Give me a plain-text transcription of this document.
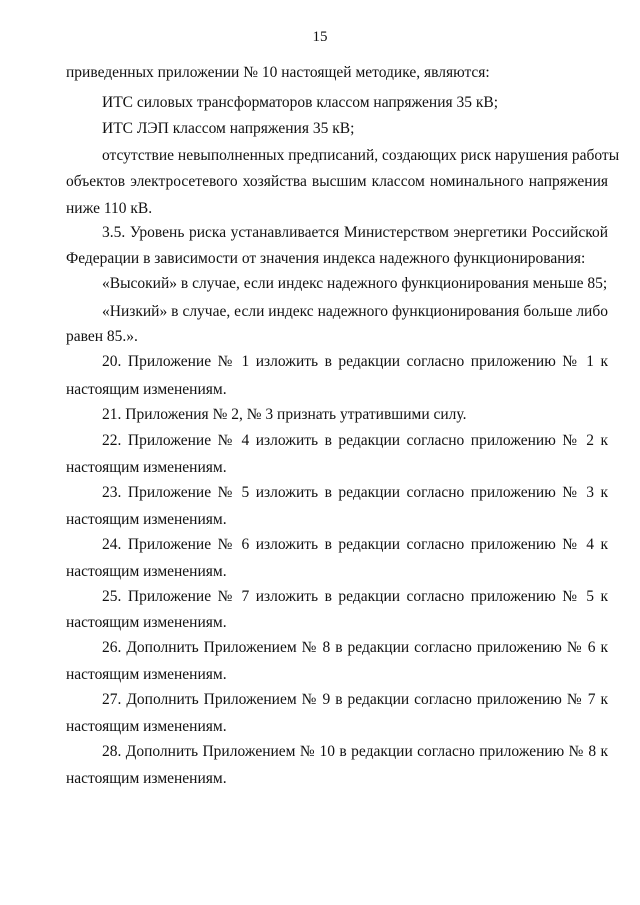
15
приведенных приложении № 10 настоящей методике, являются:
ИТС силовых трансформаторов классом напряжения 35 кВ;
ИТС ЛЭП классом напряжения 35 кВ;
отсутствие невыполненных предписаний, создающих риск нарушения работы
объектов электросетевого хозяйства высшим классом номинального напряжения
ниже 110 кВ.
3.5. Уровень риска устанавливается Министерством энергетики Российской
Федерации в зависимости от значения индекса надежного функционирования:
«Высокий» в случае, если индекс надежного функционирования меньше 85;
«Низкий» в случае, если индекс надежного функционирования больше либо
равен 85.».
20. Приложение № 1 изложить в редакции согласно приложению № 1 к
настоящим изменениям.
21. Приложения № 2, № 3 признать утратившими силу.
22. Приложение № 4 изложить в редакции согласно приложению № 2 к
настоящим изменениям.
23. Приложение № 5 изложить в редакции согласно приложению № 3 к
настоящим изменениям.
24. Приложение № 6 изложить в редакции согласно приложению № 4 к
настоящим изменениям.
25. Приложение № 7 изложить в редакции согласно приложению № 5 к
настоящим изменениям.
26. Дополнить Приложением № 8 в редакции согласно приложению № 6 к
настоящим изменениям.
27. Дополнить Приложением № 9 в редакции согласно приложению № 7 к
настоящим изменениям.
28. Дополнить Приложением № 10 в редакции согласно приложению № 8 к
настоящим изменениям.
